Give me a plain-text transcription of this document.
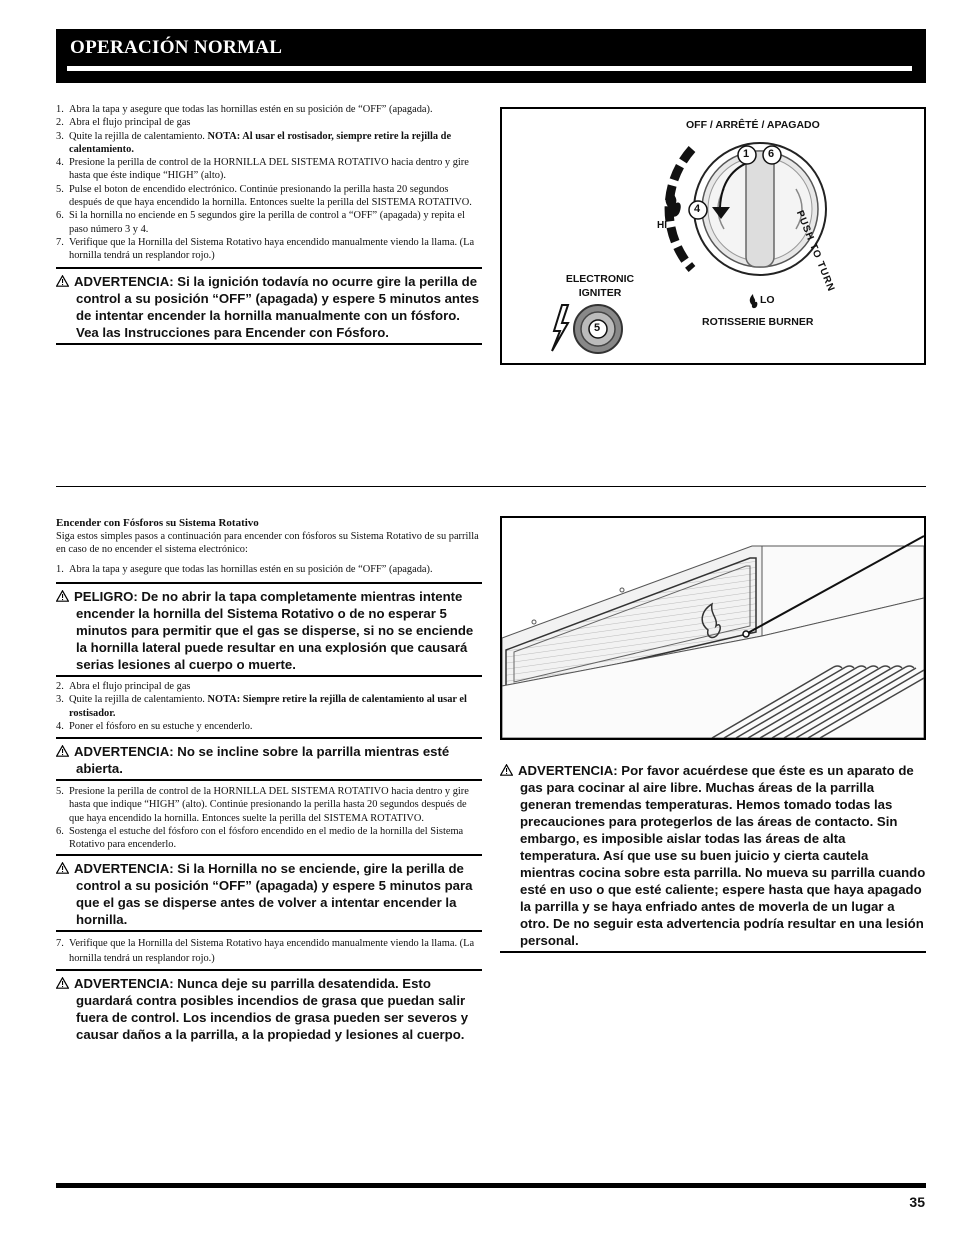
OPERACIÓN NORMAL
1. Abra la tapa y asegure que todas las hornillas estén en su posición de “OFF” (apagada).
2. Abra el flujo principal de gas
3. Quite la rejilla de calentamiento. NOTA: Al usar el rostisador, siempre retire la rejilla de calentamiento.
4. Presione la perilla de control de la HORNILLA DEL SISTEMA ROTATIVO hacia dentro y gire hasta que éste indique “HIGH” (alto).
5. Pulse el boton de encendido electrónico. Continúe presionando la perilla hasta 20 segundos después de que haya encendido la hornilla. Entonces suelte la perilla del SISTEMA ROTATIVO.
6. Si la hornilla no enciende en 5 segundos gire la perilla de control a “OFF” (apagada) y repita el paso número 3 y 4.
7. Verifique que la Hornilla del Sistema Rotativo haya encendido manualmente viendo la llama. (La hornilla tendrá un resplandor rojo.)
ADVERTENCIA: Si la ignición todavía no ocurre gire la perilla de control a su posición “OFF” (apagada) y espere 5 minutos antes de intentar encender la hornilla manualmente con un fósforo. Vea las Instrucciones para Encender con Fósforo.
OFF / ARRÊTÉ / APAGADO
HI
LO
ROTISSERIE BURNER
ELECTRONIC
IGNITER	PUSH TO TURN
1 6
4
5
Encender con Fósforos su Sistema Rotativo
Siga estos simples pasos a continuación para encender con fósforos su Sistema Rotativo de su parrilla en caso de no encender el sistema electrónico:
1. Abra la tapa y asegure que todas las hornillas estén en su posición de “OFF” (apagada).
PELIGRO: De no abrir la tapa completamente mientras intente encender la hornilla del Sistema Rotativo o de no esperar 5 minutos para permitir que el gas se disperse, si no se enciende la hornilla lateral puede resultar en una explosión que causará serias lesiones al cuerpo o muerte.
2. Abra el flujo principal de gas
3. Quite la rejilla de calentamiento. NOTA: Siempre retire la rejilla de calentamiento al usar el rostisador.
4. Poner el fósforo en su estuche y encenderlo.
ADVERTENCIA: No se incline sobre la parrilla mientras esté abierta.
5. Presione la perilla de control de la HORNILLA DEL SISTEMA ROTATIVO hacia dentro y gire hasta que indique “HIGH” (alto). Continúe presionando la perilla hasta 20 segundos después de que haya encendido la hornilla. Entonces suelte la perilla del SISTEMA ROTATIVO.
6. Sostenga el estuche del fósforo con el fósforo encendido en el medio de la hornilla del Sistema Rotativo para encenderlo.
ADVERTENCIA: Si la Hornilla no se enciende, gire la perilla de control a su posición “OFF” (apagada) y espere 5 minutos para que el gas se disperse antes de volver a intentar encender la hornilla.
7. Verifique que la Hornilla del Sistema Rotativo haya encendido manualmente viendo la llama. (La hornilla tendrá un resplandor rojo.)
ADVERTENCIA: Nunca deje su parrilla desatendida. Esto guardará contra posibles incendios de grasa que puedan salir fuera de control. Los incendios de grasa pueden ser severos y causar daños a la parrilla, a la propiedad y lesiones al cuerpo.
ADVERTENCIA: Por favor acuérdese que éste es un aparato de gas para cocinar al aire libre. Muchas áreas de la parrilla generan tremendas temperaturas. Hemos tomado todas las precauciones para protegerlos de las áreas de contacto. Sin embargo, es imposible aislar todas las áreas de alta temperatura. Así que use su buen juicio y cierta cautela mientras cocina sobre esta parrilla. No mueva su parrilla cuando esté en uso o que esté caliente; espere hasta que haya apagado la parrilla y se haya enfriado antes de moverla de un lugar a otro. De no seguir esta advertencia podría resultar en una lesión personal.
35
